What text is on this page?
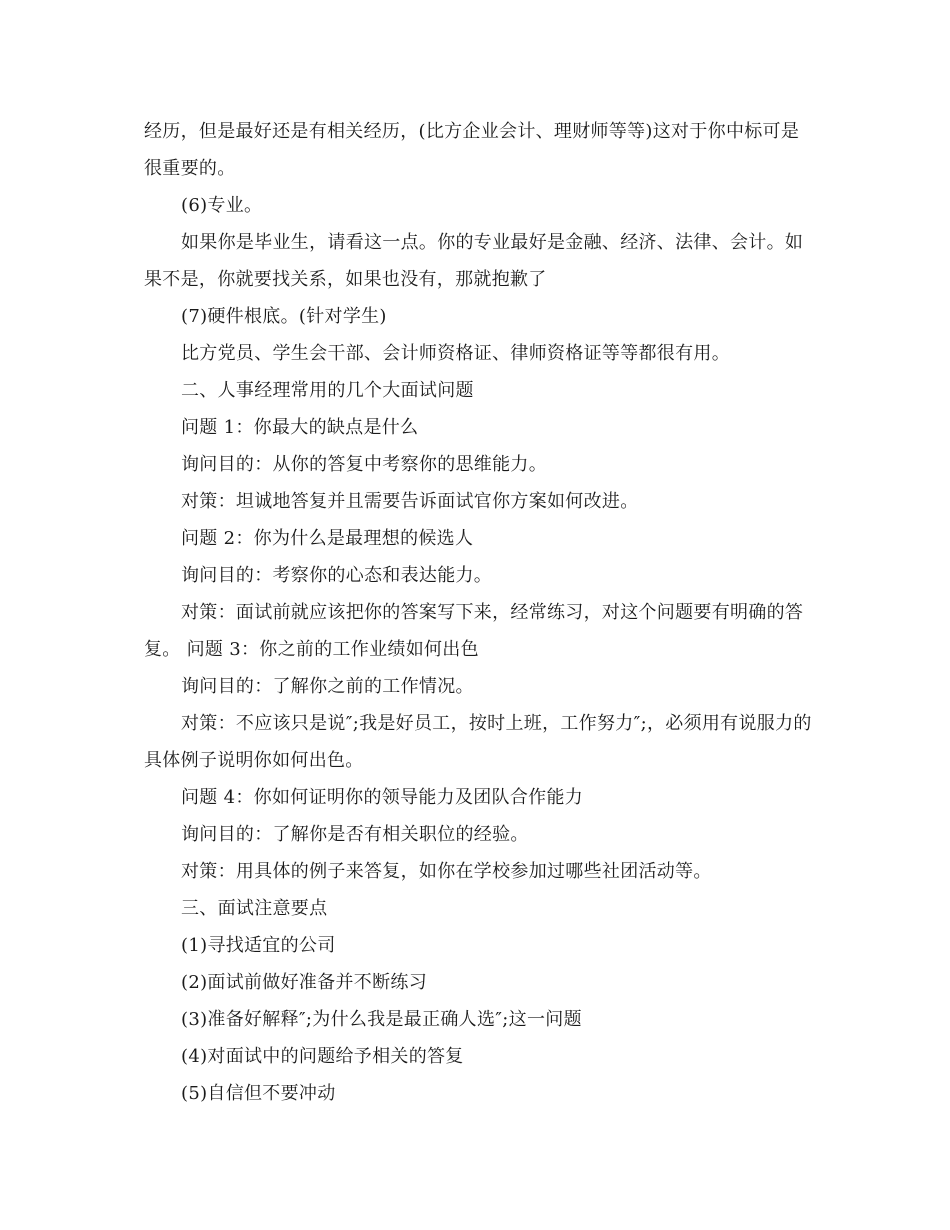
经历，但是最好还是有相关经历，(比方企业会计、理财师等等)这对于你中标可是很重要的。

(6)专业。

如果你是毕业生，请看这一点。你的专业最好是金融、经济、法律、会计。如果不是，你就要找关系，如果也没有，那就抱歉了

(7)硬件根底。(针对学生)

比方党员、学生会干部、会计师资格证、律师资格证等等都很有用。

二、人事经理常用的几个大面试问题

问题 1：你最大的缺点是什么

询问目的：从你的答复中考察你的思维能力。

对策：坦诚地答复并且需要告诉面试官你方案如何改进。

问题 2：你为什么是最理想的候选人

询问目的：考察你的心态和表达能力。

对策：面试前就应该把你的答案写下来，经常练习，对这个问题要有明确的答复。 问题 3：你之前的工作业绩如何出色

询问目的：了解你之前的工作情况。

对策：不应该只是说″;我是好员工，按时上班，工作努力″;，必须用有说服力的具体例子说明你如何出色。

问题 4：你如何证明你的领导能力及团队合作能力

询问目的：了解你是否有相关职位的经验。

对策：用具体的例子来答复，如你在学校参加过哪些社团活动等。

三、面试注意要点

(1)寻找适宜的公司

(2)面试前做好准备并不断练习

(3)准备好解释″;为什么我是最正确人选″;这一问题

(4)对面试中的问题给予相关的答复

(5)自信但不要冲动
